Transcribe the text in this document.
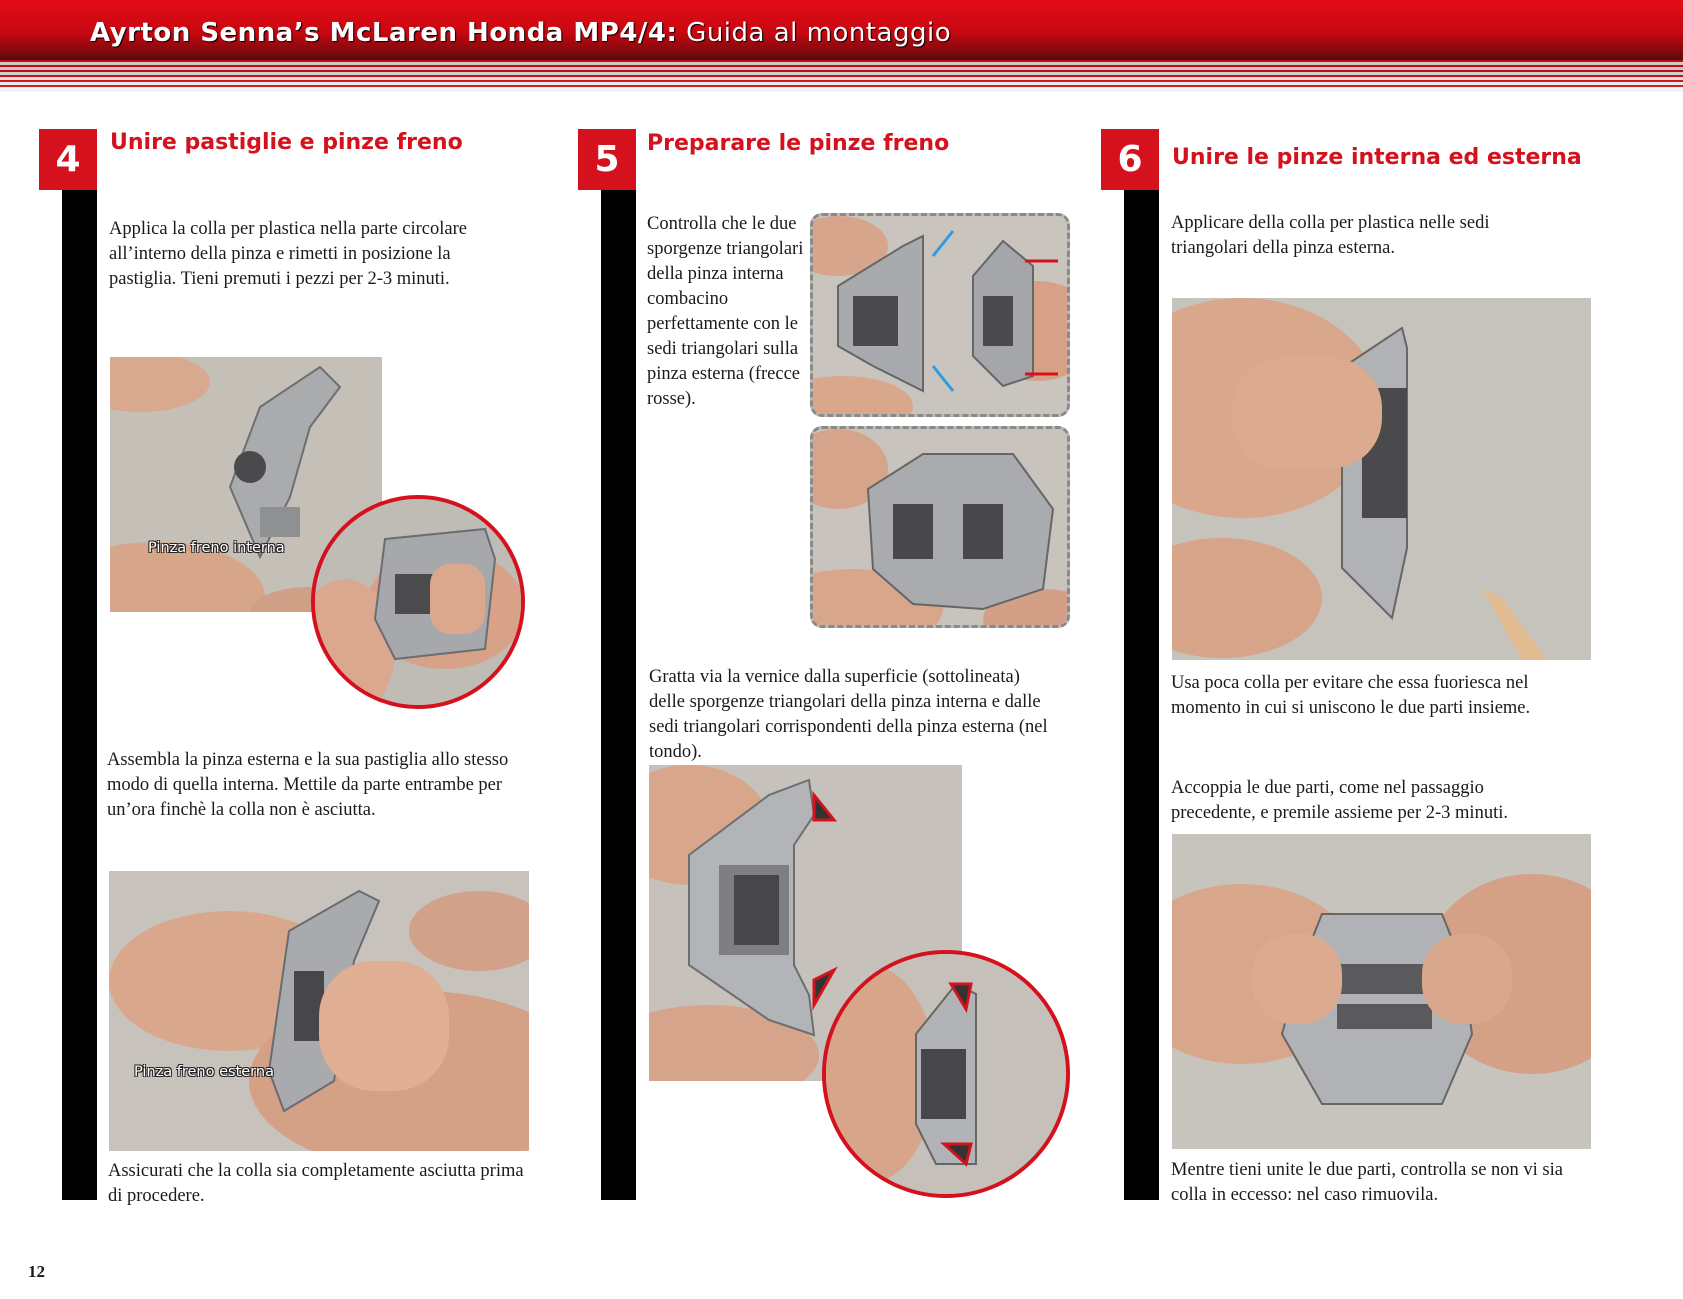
Ayrton Senna’s McLaren Honda MP4/4: Guida al montaggio
4	Unire pastiglie e pinze freno
Applica la colla per plastica nella parte circolare all’interno della pinza e rimetti in posizione la pastiglia. Tieni premuti i pezzi per 2-3 minuti.
Pinza freno interna
Assembla la pinza esterna e la sua pastiglia allo stesso modo di quella interna. Mettile da parte entrambe per un’ora finchè la colla non è asciutta.
Pinza freno esterna
Assicurati che la colla sia completamente asciutta prima di procedere.
5	Preparare le pinze freno
Controlla che le due sporgenze triangolari della pinza interna combacino perfettamente con le sedi triangolari sulla pinza esterna (frecce rosse).
Gratta via la vernice dalla superficie (sottolineata) delle sporgenze triangolari della pinza interna e dalle sedi triangolari corrispondenti della pinza esterna (nel tondo).
6	Unire le pinze interna ed esterna
Applicare della colla per plastica nelle sedi triangolari della pinza esterna.
Usa poca colla per evitare che essa fuoriesca nel momento in cui si uniscono le due parti insieme.
Accoppia le due parti, come nel passaggio precedente, e premile assieme per 2-3 minuti.
Mentre tieni unite le due parti, controlla se non vi sia colla in eccesso: nel caso rimuovila.
12
